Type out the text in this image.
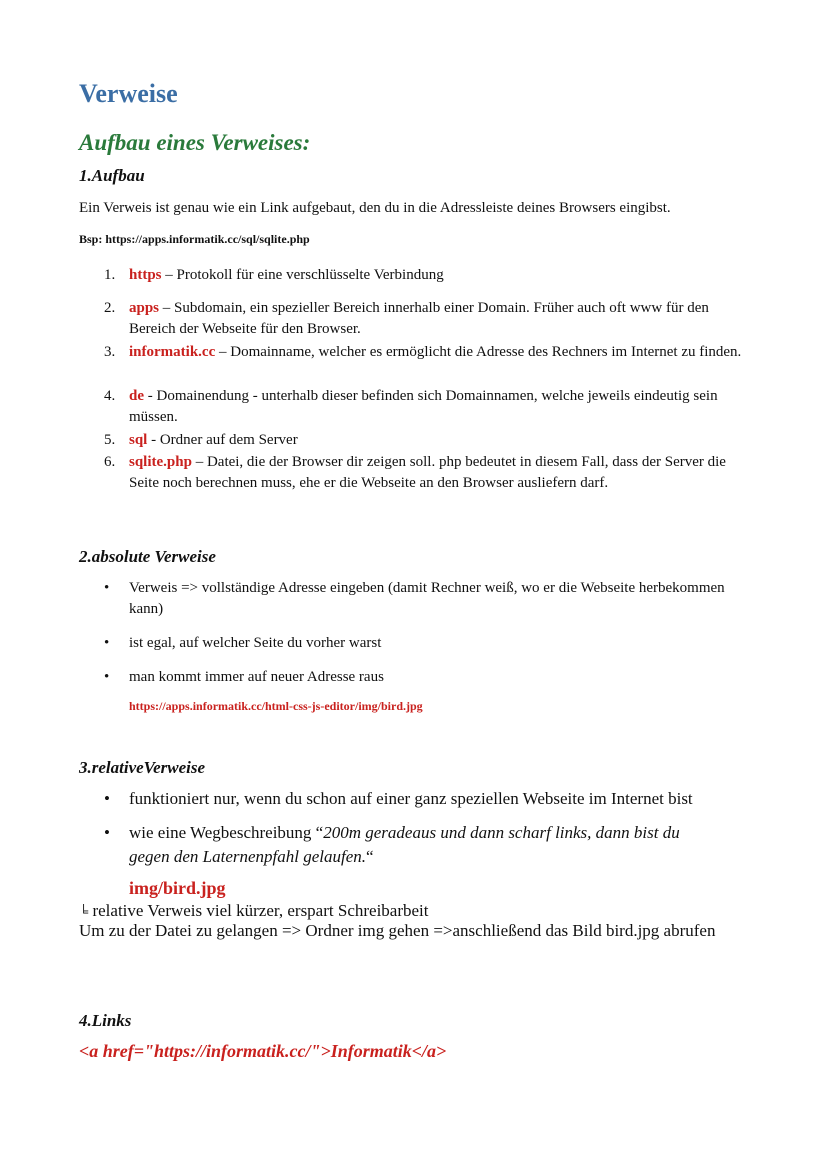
Verweise
Aufbau eines Verweises:
1.Aufbau
Ein Verweis ist genau wie ein Link aufgebaut, den du in die Adressleiste deines Browsers eingibst.
Bsp: https://apps.informatik.cc/sql/sqlite.php
1. https – Protokoll für eine verschlüsselte Verbindung
2. apps – Subdomain, ein spezieller Bereich innerhalb einer Domain. Früher auch oft www für den Bereich der Webseite für den Browser.
3. informatik.cc – Domainname, welcher es ermöglicht die Adresse des Rechners im Internet zu finden.
4. de - Domainendung - unterhalb dieser befinden sich Domainnamen, welche jeweils eindeutig sein müssen.
5. sql - Ordner auf dem Server
6. sqlite.php – Datei, die der Browser dir zeigen soll. php bedeutet in diesem Fall, dass der Server die Seite noch berechnen muss, ehe er die Webseite an den Browser ausliefern darf.
2.absolute Verweise
• Verweis => vollständige Adresse eingeben (damit Rechner weiß, wo er die Webseite herbekommen kann)
• ist egal, auf welcher Seite du vorher warst
• man kommt immer auf neuer Adresse raus
https://apps.informatik.cc/html-css-js-editor/img/bird.jpg
3.relativeVerweise
• funktioniert nur, wenn du schon auf einer ganz speziellen Webseite im Internet bist
• wie eine Wegbeschreibung “200m geradeaus und dann scharf links, dann bist du gegen den Laternenpfahl gelaufen.“
img/bird.jpg
╘ relative Verweis viel kürzer, erspart Schreibarbeit
Um zu der Datei zu gelangen => Ordner img gehen =>anschließend das Bild bird.jpg abrufen
4.Links
<a href="https://informatik.cc/">Informatik</a>
